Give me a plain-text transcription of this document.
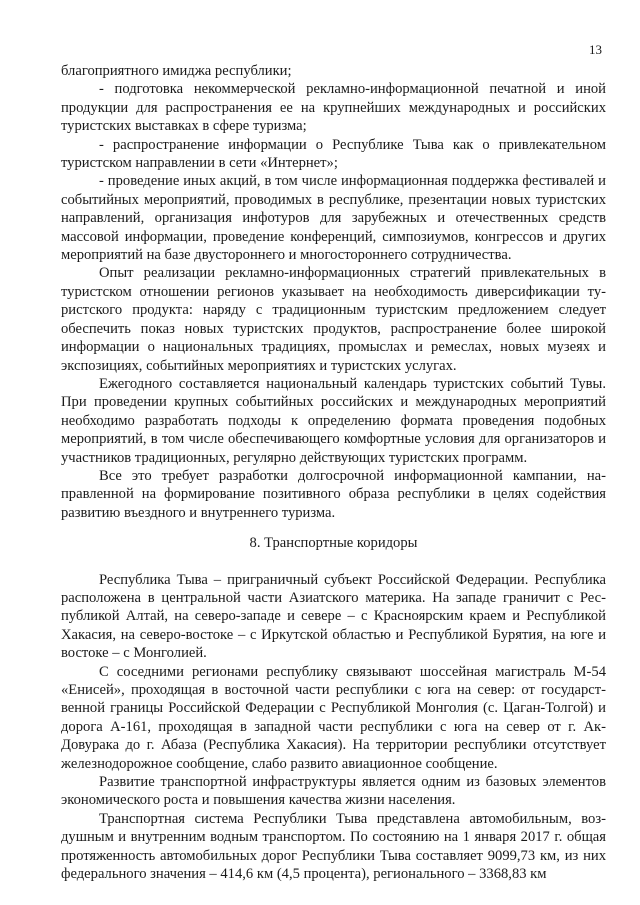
13

благоприятного имиджа республики;

- подготовка некоммерческой рекламно-информационной печатной и иной продукции для распространения ее на крупнейших международных и российских туристских выставках в сфере туризма;

- распространение информации о Республике Тыва как о привлекательном туристском направлении в сети «Интернет»;

- проведение иных акций, в том числе информационная поддержка фестивалей и событийных мероприятий, проводимых в республике, презентации новых туристских направлений, организация инфотуров для зарубежных и отечественных средств массовой информации, проведение конференций, симпозиумов, конгрессов и других мероприятий на базе двустороннего и многостороннего сотрудничества.

Опыт реализации рекламно-информационных стратегий привлекательных в туристском отношении регионов указывает на необходимость диверсификации туристского продукта: наряду с традиционным туристским предложением следует обеспечить показ новых туристских продуктов, распространение более широкой информации о национальных традициях, промыслах и ремеслах, новых музеях и экспозициях, событийных мероприятиях и туристских услугах.

Ежегодного составляется национальный календарь туристских событий Тувы. При проведении крупных событийных российских и международных мероприятий необходимо разработать подходы к определению формата проведения подобных мероприятий, в том числе обеспечивающего комфортные условия для организаторов и участников традиционных, регулярно действующих туристских программ.

Все это требует разработки долгосрочной информационной кампании, направленной на формирование позитивного образа республики в целях содействия развитию въездного и внутреннего туризма.

8. Транспортные коридоры

Республика Тыва – приграничный субъект Российской Федерации. Республика расположена в центральной части Азиатского материка. На западе граничит с Республикой Алтай, на северо-западе и севере – с Красноярским краем и Республикой Хакасия, на северо-востоке – с Иркутской областью и Республикой Бурятия, на юге и востоке – с Монголией.

С соседними регионами республику связывают шоссейная магистраль М-54 «Енисей», проходящая в восточной части республики с юга на север: от государственной границы Российской Федерации с Республикой Монголия (с. Цаган-Толгой) и дорога А-161, проходящая в западной части республики с юга на север от г. Ак-Довурака до г. Абаза (Республика Хакасия). На территории республики отсутствует железнодорожное сообщение, слабо развито авиационное сообщение.

Развитие транспортной инфраструктуры является одним из базовых элементов экономического роста и повышения качества жизни населения.

Транспортная система Республики Тыва представлена автомобильным, воздушным и внутренним водным транспортом. По состоянию на 1 января 2017 г. общая протяженность автомобильных дорог Республики Тыва составляет 9099,73 км, из них федерального значения – 414,6 км (4,5 процента), регионального – 3368,83 км
